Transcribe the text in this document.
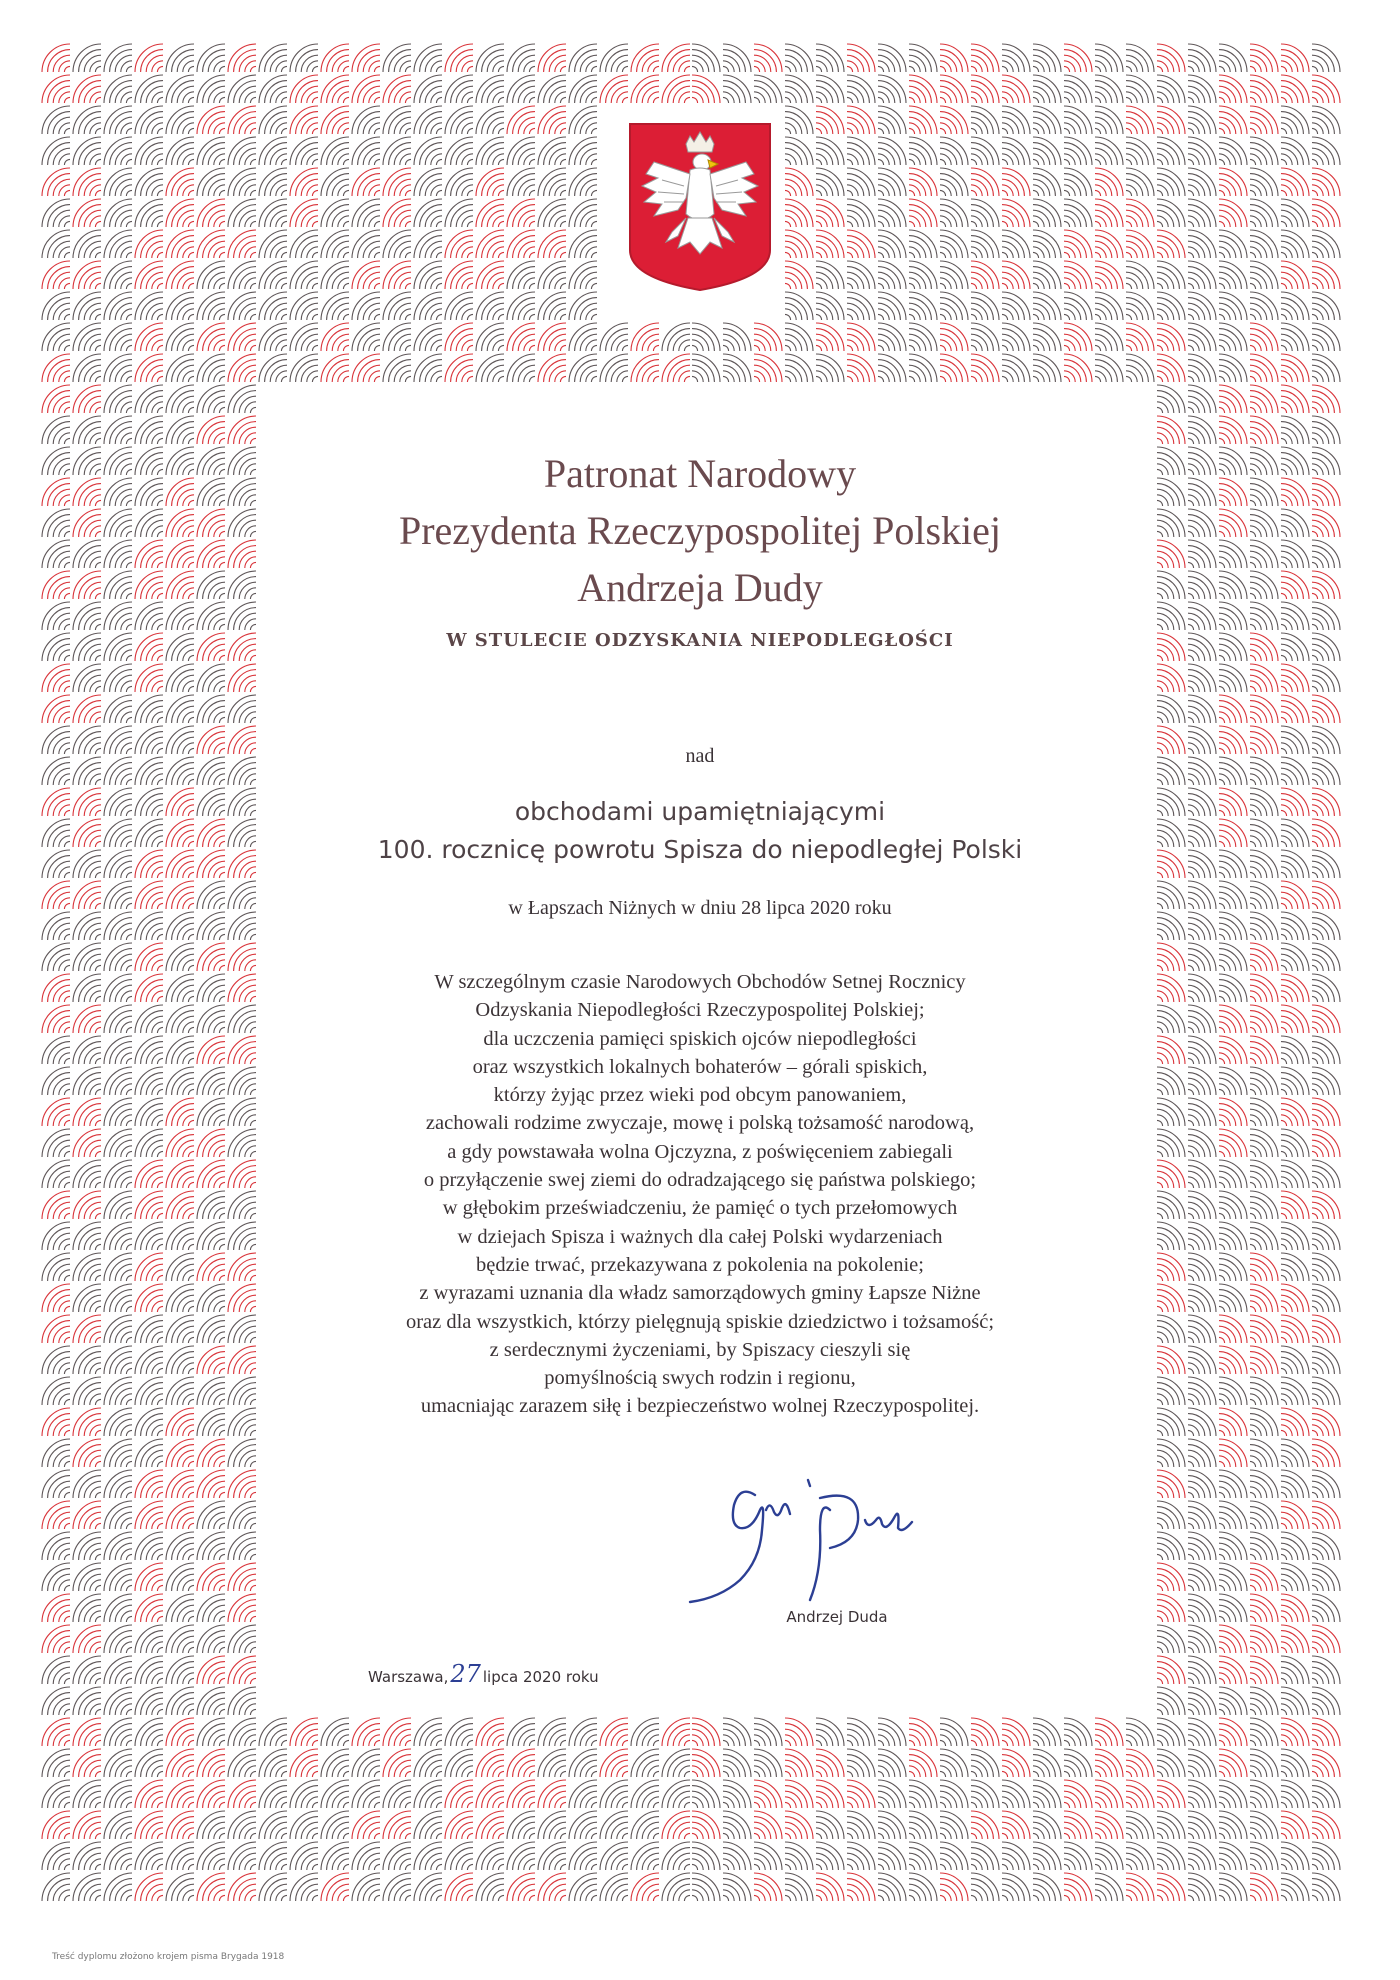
Patronat Narodowy
Prezydenta Rzeczypospolitej Polskiej
Andrzeja Dudy
W STULECIE ODZYSKANIA NIEPODLEGŁOŚCI
nad
obchodami upamiętniającymi
100. rocznicę powrotu Spisza do niepodległej Polski
w Łapszach Niżnych w dniu 28 lipca 2020 roku
W szczególnym czasie Narodowych Obchodów Setnej Rocznicy
Odzyskania Niepodległości Rzeczypospolitej Polskiej;
dla uczczenia pamięci spiskich ojców niepodległości
oraz wszystkich lokalnych bohaterów – górali spiskich,
którzy żyjąc przez wieki pod obcym panowaniem,
zachowali rodzime zwyczaje, mowę i polską tożsamość narodową,
a gdy powstawała wolna Ojczyzna, z poświęceniem zabiegali
o przyłączenie swej ziemi do odradzającego się państwa polskiego;
w głębokim przeświadczeniu, że pamięć o tych przełomowych
w dziejach Spisza i ważnych dla całej Polski wydarzeniach
będzie trwać, przekazywana z pokolenia na pokolenie;
z wyrazami uznania dla władz samorządowych gminy Łapsze Niżne
oraz dla wszystkich, którzy pielęgnują spiskie dziedzictwo i tożsamość;
z serdecznymi życzeniami, by Spiszacy cieszyli się
pomyślnością swych rodzin i regionu,
umacniając zarazem siłę i bezpieczeństwo wolnej Rzeczypospolitej.
Andrzej Duda
Warszawa,27 lipca 2020 roku
Treść dyplomu złożono krojem pisma Brygada 1918
